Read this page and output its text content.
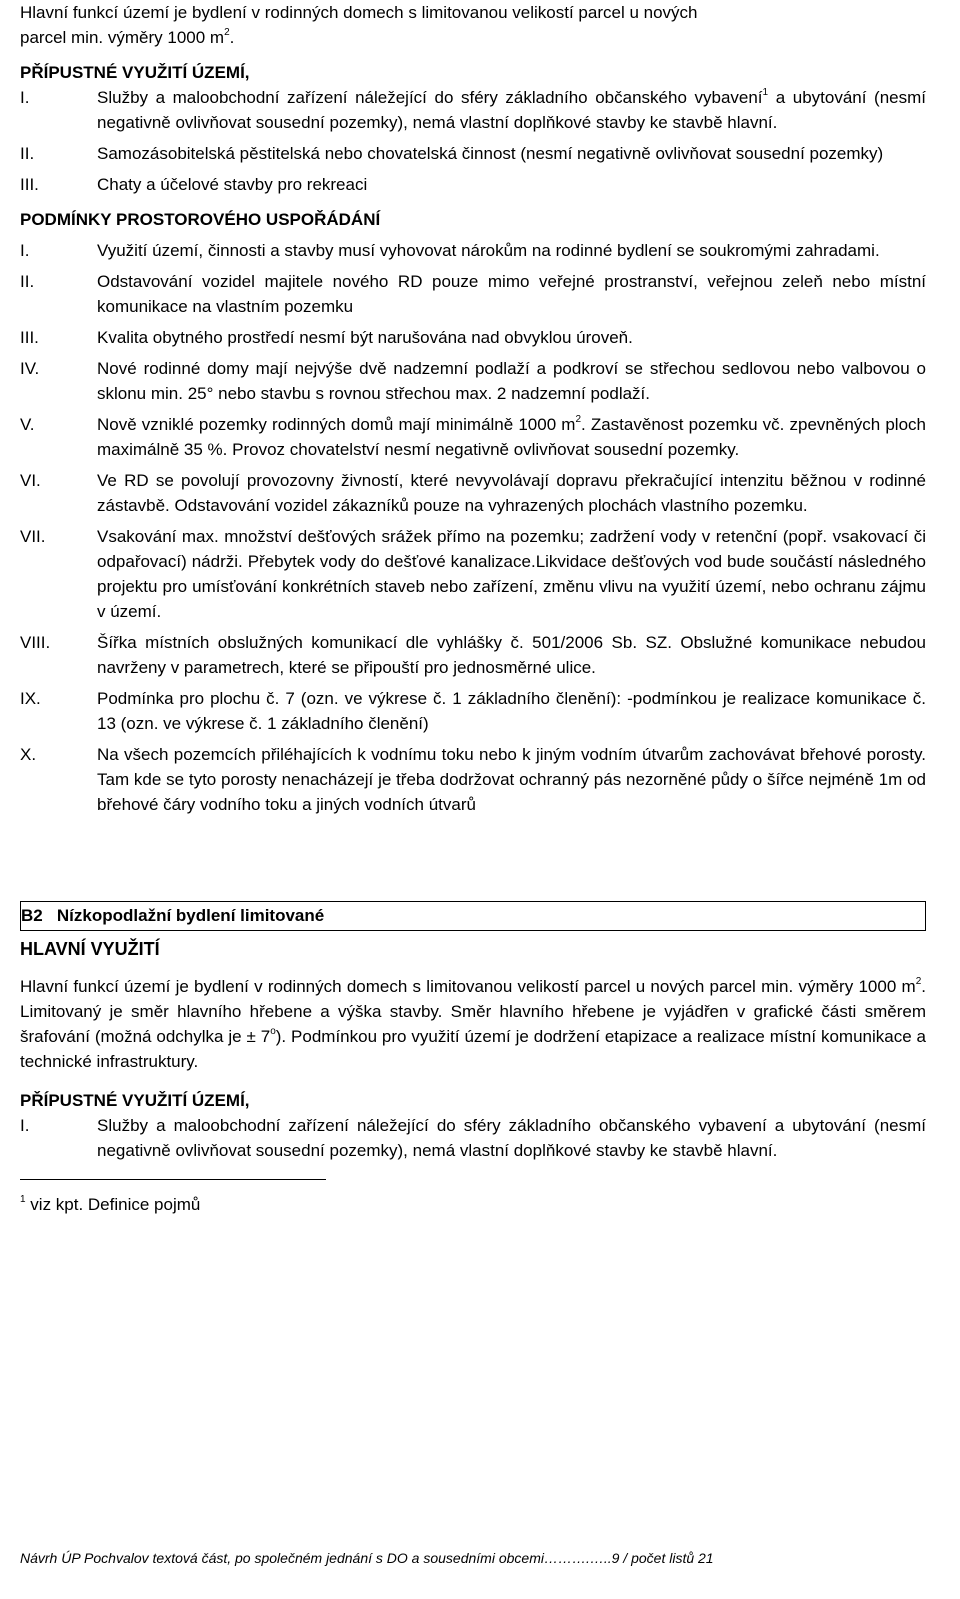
Hlavní funkcí území je bydlení v rodinných domech s limitovanou velikostí parcel u nových
parcel min. výměry 1000 $m^2$.

PŘÍPUSTNÉ VYUŽITÍ ÚZEMÍ,
I.	Služby a maloobchodní zařízení náležející do sféry základního občanského vybavení$^1$ a ubytování (nesmí negativně ovlivňovat sousední pozemky), nemá vlastní doplňkové stavby ke stavbě hlavní.
II.	Samozásobitelská pěstitelská nebo chovatelská činnost (nesmí negativně ovlivňovat sousední pozemky)
III.	Chaty a účelové stavby pro rekreaci
PODMÍNKY PROSTOROVÉHO USPOŘÁDÁNÍ
I.	Využití území, činnosti a stavby musí vyhovovat nárokům na rodinné bydlení se soukromými zahradami.
II.	Odstavování vozidel majitele nového RD pouze mimo veřejné prostranství, veřejnou zeleň nebo místní komunikace na vlastním pozemku
III.	Kvalita obytného prostředí nesmí být narušována nad obvyklou úroveň.
IV.	Nové rodinné domy mají nejvýše dvě nadzemní podlaží a podkroví se střechou sedlovou nebo valbovou o sklonu min. 25° nebo stavbu s rovnou střechou max. 2 nadzemní podlaží.
V.	Nově vzniklé pozemky rodinných domů mají minimálně 1000 $m^2$. Zastavěnost pozemku vč. zpevněných ploch maximálně 35 %. Provoz chovatelství nesmí negativně ovlivňovat sousední pozemky.
VI.	Ve RD se povolují provozovny živností, které nevyvolávají dopravu překračující intenzitu běžnou v rodinné zástavbě. Odstavování vozidel zákazníků pouze na vyhrazených plochách vlastního pozemku.
VII.	Vsakování max. množství dešťových srážek přímo na pozemku; zadržení vody v retenční (popř. vsakovací či odpařovací) nádrži. Přebytek vody do dešťové kanalizace.Likvidace dešťových vod bude součástí následného projektu pro umísťování konkrétních staveb nebo zařízení, změnu vlivu na využití území, nebo ochranu zájmu v území.
VIII.	Šířka místních obslužných komunikací dle vyhlášky č. 501/2006 Sb. SZ. Obslužné komunikace nebudou navrženy v parametrech, které se připouští pro jednosměrné ulice.
IX.	Podmínka pro plochu č. 7 (ozn. ve výkrese č. 1 základního členění): -podmínkou je realizace komunikace č. 13 (ozn. ve výkrese č. 1 základního členění)
X.	Na všech pozemcích přiléhajících k vodnímu toku nebo k jiným vodním útvarům zachovávat břehové porosty. Tam kde se tyto porosty nenacházejí je třeba dodržovat ochranný pás nezorněné půdy o šířce nejméně 1m od břehové čáry vodního toku a jiných vodních útvarů
B2 Nízkopodlažní bydlení limitované
HLAVNÍ VYUŽITÍ

Hlavní funkcí území je bydlení v rodinných domech s limitovanou velikostí parcel u nových parcel min. výměry 1000 $m^2$. Limitovaný je směr hlavního hřebene a výška stavby. Směr hlavního hřebene je vyjádřen v grafické části směrem šrafování (možná odchylka je ± $7^o$). Podmínkou pro využití území je dodržení etapizace a realizace místní komunikace a technické infrastruktury.

PŘÍPUSTNÉ VYUŽITÍ ÚZEMÍ,
I.	Služby a maloobchodní zařízení náležející do sféry základního občanského vybavení a ubytování (nesmí negativně ovlivňovat sousední pozemky), nemá vlastní doplňkové stavby ke stavbě hlavní.
$^1$ viz kpt. Definice pojmů
Návrh ÚP Pochvalov textová část, po společném jednání s DO a sousedními obcemi……….…..9 / počet listů 21
